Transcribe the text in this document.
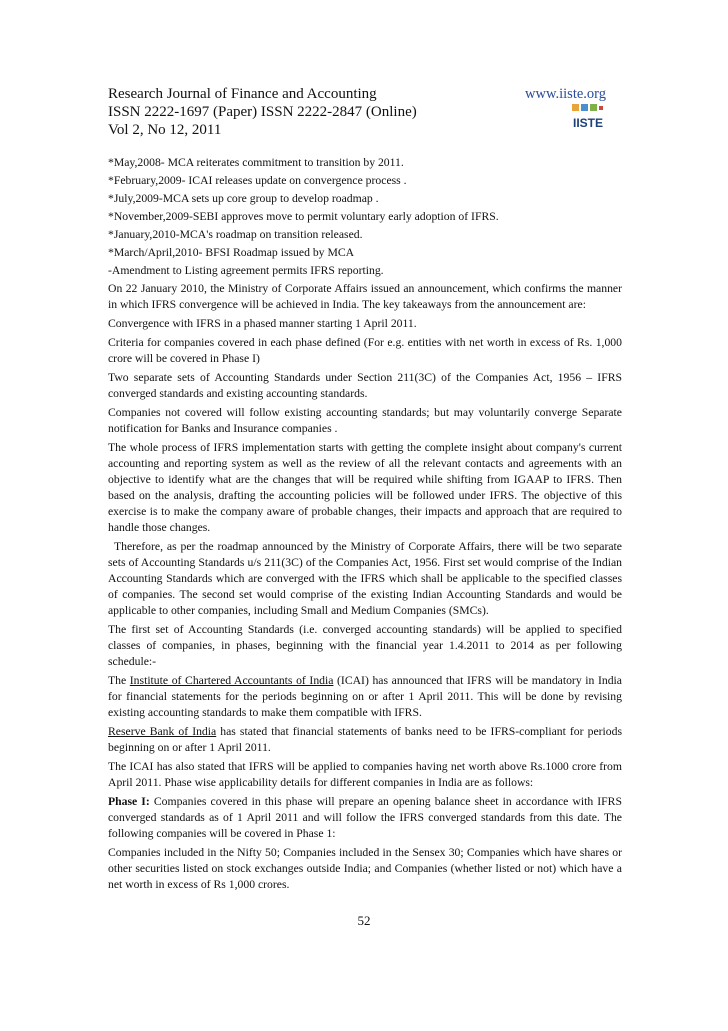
Research Journal of Finance and Accounting	www.iiste.org
ISSN 2222-1697 (Paper) ISSN 2222-2847 (Online)
Vol 2, No 12, 2011	IISTE

*May,2008- MCA reiterates commitment to transition by 2011.

*February,2009- ICAI releases update on convergence process .

*July,2009-MCA sets up core group to develop roadmap .

*November,2009-SEBI approves move to permit voluntary early adoption of IFRS.

*January,2010-MCA's roadmap on transition released.

*March/April,2010- BFSI Roadmap issued by MCA

-Amendment to Listing agreement permits IFRS reporting.

On 22 January 2010, the Ministry of Corporate Affairs issued an announcement, which confirms the manner in which IFRS convergence will be achieved in India. The key takeaways from the announcement are:

Convergence with IFRS in a phased manner starting 1 April 2011.

Criteria for companies covered in each phase defined (For e.g. entities with net worth in excess of Rs. 1,000 crore will be covered in Phase I)

Two separate sets of Accounting Standards under Section 211(3C) of the Companies Act, 1956 – IFRS converged standards and existing accounting standards.

Companies not covered will follow existing accounting standards; but may voluntarily converge Separate notification for Banks and Insurance companies .

The whole process of IFRS implementation starts with getting the complete insight about company's current accounting and reporting system as well as the review of all the relevant contacts and agreements with an objective to identify what are the changes that will be required while shifting from IGAAP to IFRS. Then based on the analysis, drafting the accounting policies will be followed under IFRS. The objective of this exercise is to make the company aware of probable changes, their impacts and approach that are required to handle those changes.

Therefore, as per the roadmap announced by the Ministry of Corporate Affairs, there will be two separate sets of Accounting Standards u/s 211(3C) of the Companies Act, 1956. First set would comprise of the Indian Accounting Standards which are converged with the IFRS which shall be applicable to the specified classes of companies. The second set would comprise of the existing Indian Accounting Standards and would be applicable to other companies, including Small and Medium Companies (SMCs).

The first set of Accounting Standards (i.e. converged accounting standards) will be applied to specified classes of companies, in phases, beginning with the financial year 1.4.2011 to 2014 as per following schedule:-

The Institute of Chartered Accountants of India (ICAI) has announced that IFRS will be mandatory in India for financial statements for the periods beginning on or after 1 April 2011. This will be done by revising existing accounting standards to make them compatible with IFRS.

Reserve Bank of India has stated that financial statements of banks need to be IFRS-compliant for periods beginning on or after 1 April 2011.

The ICAI has also stated that IFRS will be applied to companies having net worth above Rs.1000 crore from April 2011. Phase wise applicability details for different companies in India are as follows:

Phase I: Companies covered in this phase will prepare an opening balance sheet in accordance with IFRS converged standards as of 1 April 2011 and will follow the IFRS converged standards from this date. The following companies will be covered in Phase 1:

Companies included in the Nifty 50; Companies included in the Sensex 30; Companies which have shares or other securities listed on stock exchanges outside India; and Companies (whether listed or not) which have a net worth in excess of Rs 1,000 crores.

52
